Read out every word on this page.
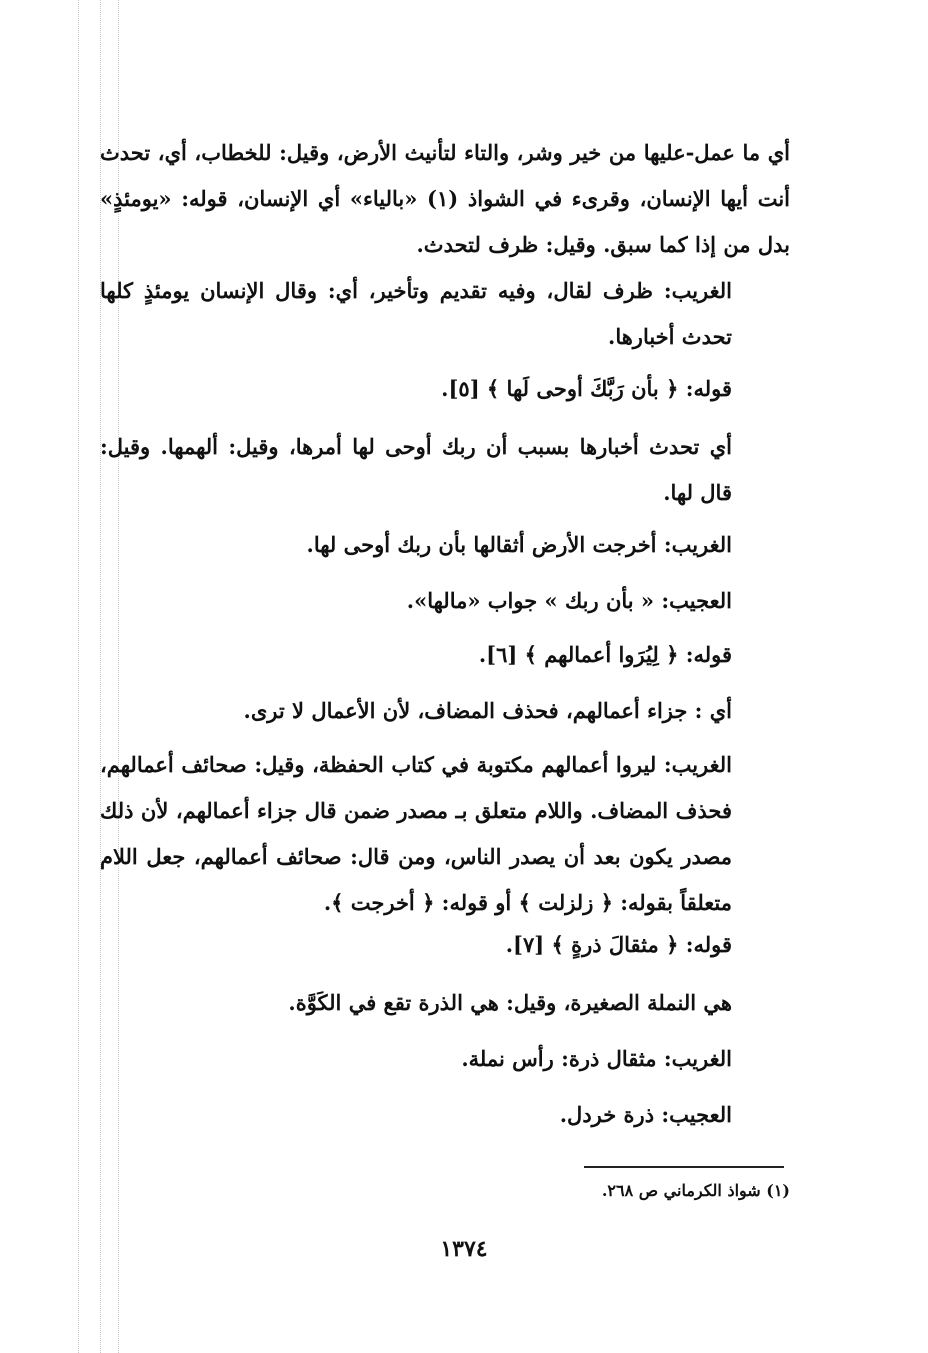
أي ما عمل-عليها من خير وشر، والتاء لتأنيث الأرض، وقيل: للخطاب، أي، تحدث أنت أيها الإنسان، وقرىء في الشواذ (١) «بالياء» أي الإنسان، قوله: «يومئذٍ» بدل من إذا كما سبق. وقيل: ظرف لتحدث.

الغريب: ظرف لقال، وفيه تقديم وتأخير، أي: وقال الإنسان يومئذٍ كلها تحدث أخبارها.

قوله: ﴿ بأن رَبَّكَ أوحى لَها ﴾ [٥].

أي تحدث أخبارها بسبب أن ربك أوحى لها أمرها، وقيل: ألهمها. وقيل: قال لها.

الغريب: أخرجت الأرض أثقالها بأن ربك أوحى لها.

العجيب: « بأن ربك » جواب «مالها».

قوله: ﴿ لِيُرَوا أعمالهم ﴾ [٦].

أي : جزاء أعمالهم، فحذف المضاف، لأن الأعمال لا ترى.

الغريب: ليروا أعمالهم مكتوبة في كتاب الحفظة، وقيل: صحائف أعمالهم، فحذف المضاف. واللام متعلق بـ مصدر ضمن قال جزاء أعمالهم، لأن ذلك مصدر يكون بعد أن يصدر الناس، ومن قال: صحائف أعمالهم، جعل اللام متعلقاً بقوله: ﴿ زلزلت ﴾ أو قوله: ﴿ أخرجت ﴾.

قوله: ﴿ مثقالَ ذرةٍ ﴾ [٧].

هي النملة الصغيرة، وقيل: هي الذرة تقع في الكَوَّة.

الغريب: مثقال ذرة: رأس نملة.

العجيب: ذرة خردل.

(١) شواذ الكرماني ص ٢٦٨.
١٣٧٤
